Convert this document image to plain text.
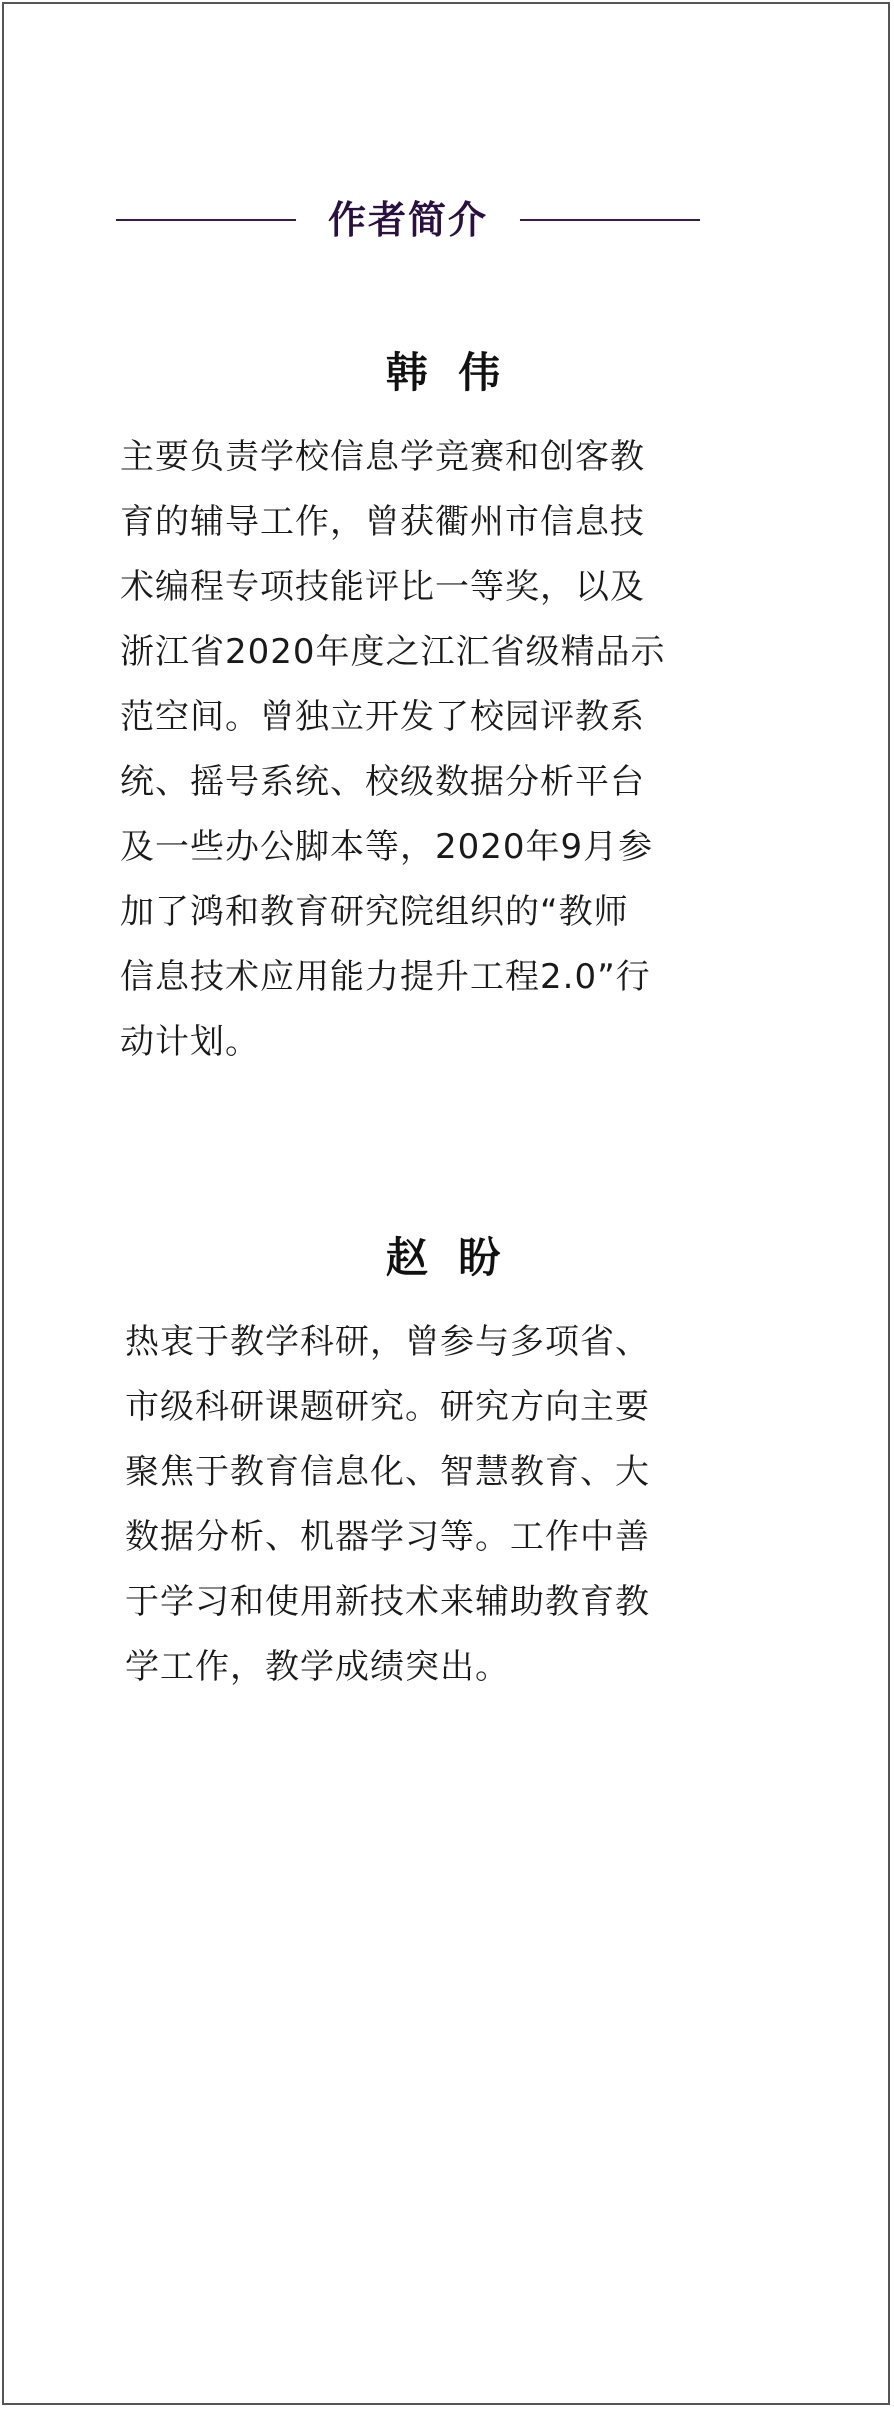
作者简介
韩 伟
主要负责学校信息学竞赛和创客教
育的辅导工作，曾获衢州市信息技
术编程专项技能评比一等奖，以及
浙江省2020年度之江汇省级精品示
范空间。曾独立开发了校园评教系
统、摇号系统、校级数据分析平台
及一些办公脚本等，2020年9月参
加了鸿和教育研究院组织的“教师
信息技术应用能力提升工程2.0”行
动计划。
赵 盼
热衷于教学科研，曾参与多项省、
市级科研课题研究。研究方向主要
聚焦于教育信息化、智慧教育、大
数据分析、机器学习等。工作中善
于学习和使用新技术来辅助教育教
学工作，教学成绩突出。
